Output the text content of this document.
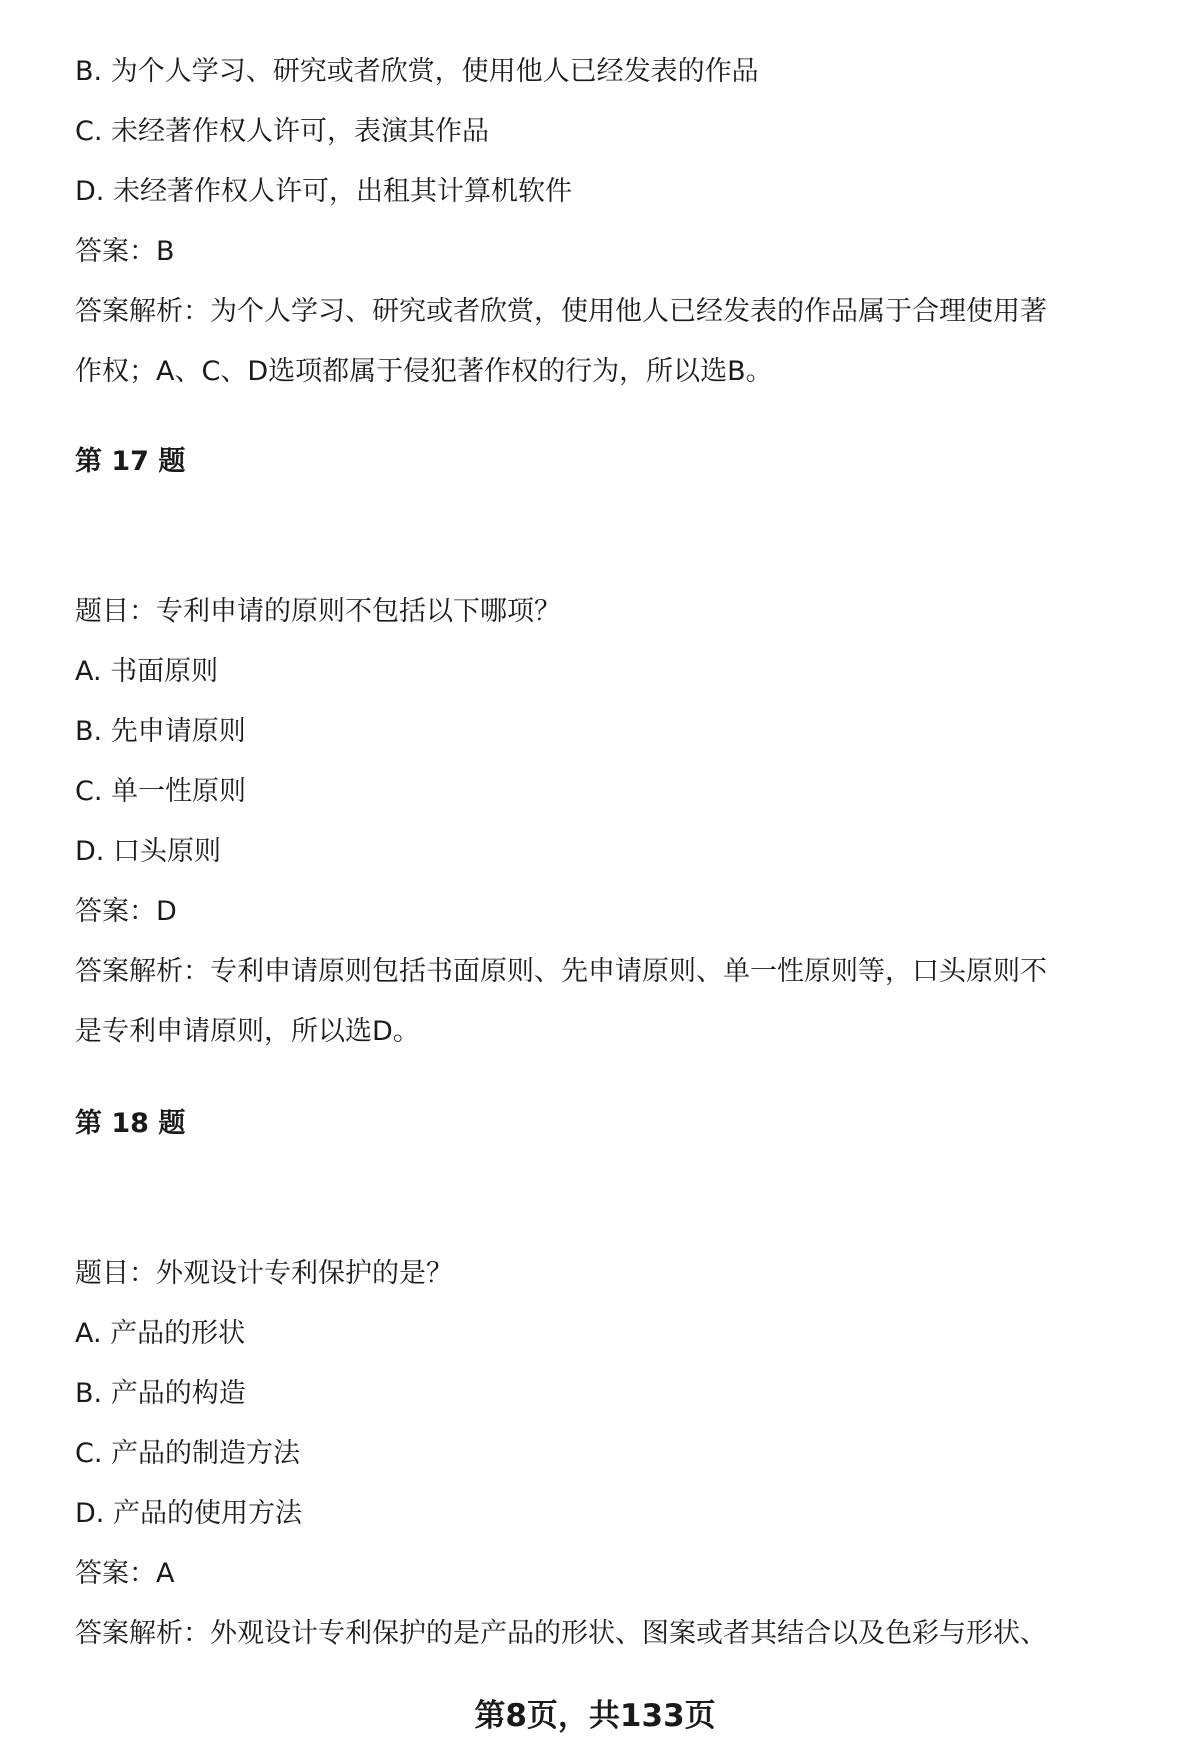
B. 为个人学习、研究或者欣赏，使用他人已经发表的作品
C. 未经著作权人许可，表演其作品
D. 未经著作权人许可，出租其计算机软件
答案：B
答案解析：为个人学习、研究或者欣赏，使用他人已经发表的作品属于合理使用著
作权；A、C、D选项都属于侵犯著作权的行为，所以选B。
第 17 题
题目：专利申请的原则不包括以下哪项？
A. 书面原则
B. 先申请原则
C. 单一性原则
D. 口头原则
答案：D
答案解析：专利申请原则包括书面原则、先申请原则、单一性原则等，口头原则不
是专利申请原则，所以选D。
第 18 题
题目：外观设计专利保护的是？
A. 产品的形状
B. 产品的构造
C. 产品的制造方法
D. 产品的使用方法
答案：A
答案解析：外观设计专利保护的是产品的形状、图案或者其结合以及色彩与形状、
第8页，共133页
